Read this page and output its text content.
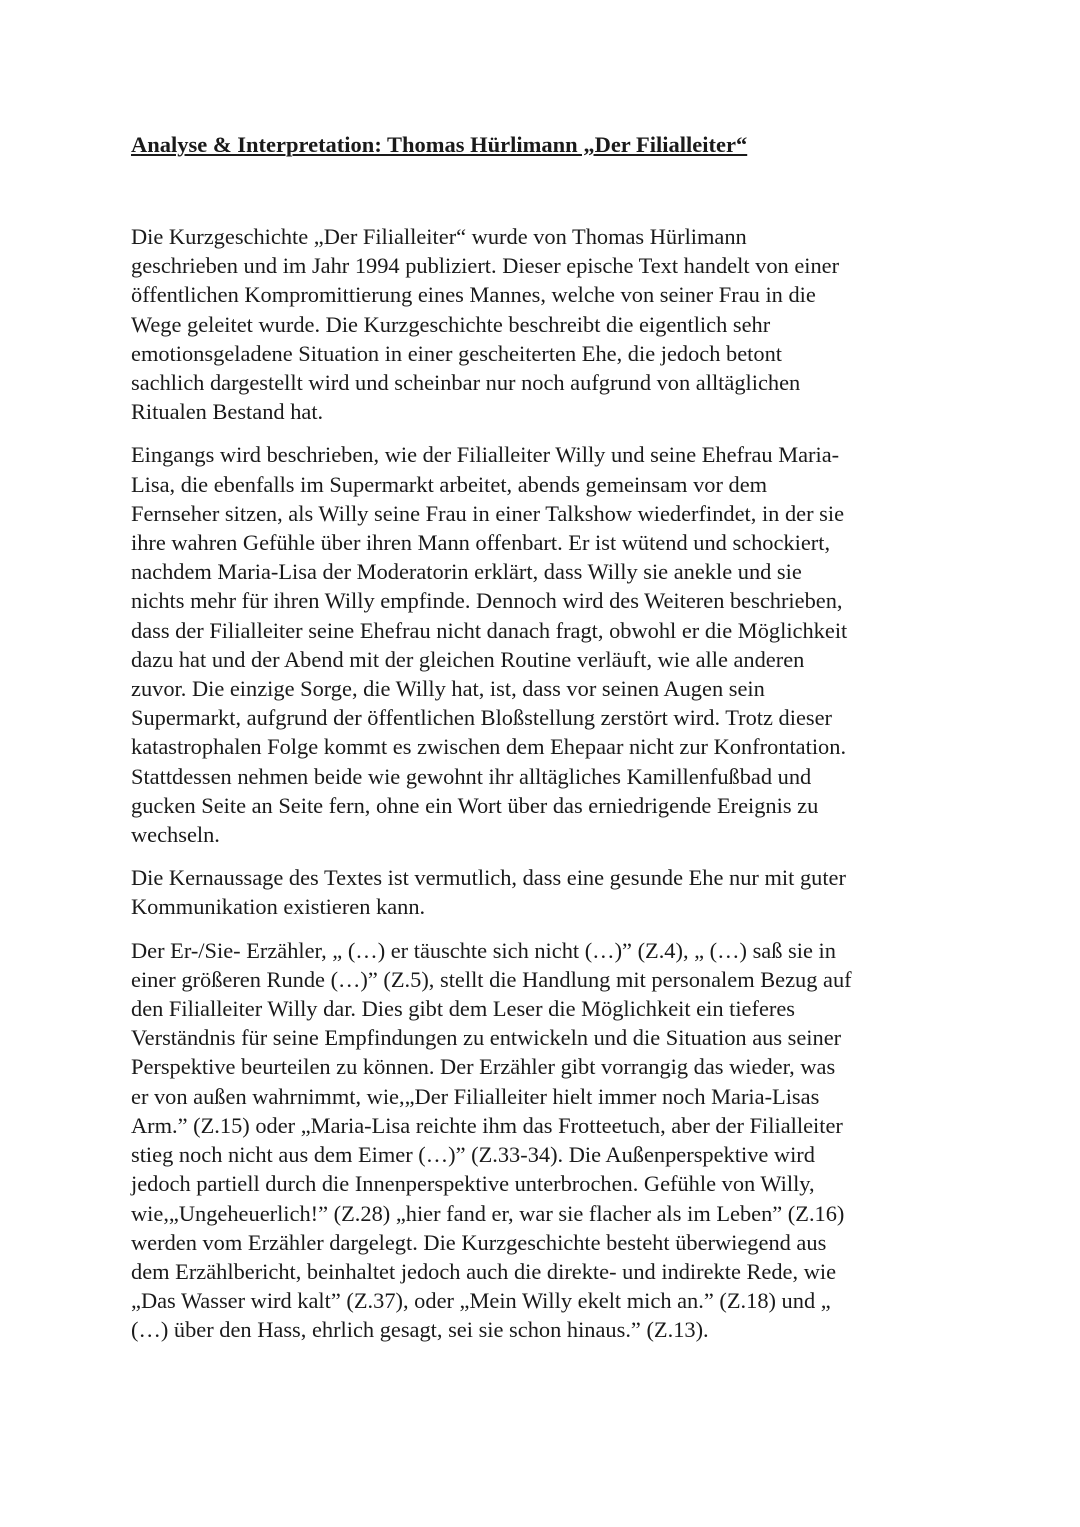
Analyse & Interpretation: Thomas Hürlimann „Der Filialleiter“

Die Kurzgeschichte „Der Filialleiter“ wurde von Thomas Hürlimann
geschrieben und im Jahr 1994 publiziert. Dieser epische Text handelt von einer
öffentlichen Kompromittierung eines Mannes, welche von seiner Frau in die
Wege geleitet wurde. Die Kurzgeschichte beschreibt die eigentlich sehr
emotionsgeladene Situation in einer gescheiterten Ehe, die jedoch betont
sachlich dargestellt wird und scheinbar nur noch aufgrund von alltäglichen
Ritualen Bestand hat.

Eingangs wird beschrieben, wie der Filialleiter Willy und seine Ehefrau Maria-
Lisa, die ebenfalls im Supermarkt arbeitet, abends gemeinsam vor dem
Fernseher sitzen, als Willy seine Frau in einer Talkshow wiederfindet, in der sie
ihre wahren Gefühle über ihren Mann offenbart. Er ist wütend und schockiert,
nachdem Maria-Lisa der Moderatorin erklärt, dass Willy sie anekle und sie
nichts mehr für ihren Willy empfinde. Dennoch wird des Weiteren beschrieben,
dass der Filialleiter seine Ehefrau nicht danach fragt, obwohl er die Möglichkeit
dazu hat und der Abend mit der gleichen Routine verläuft, wie alle anderen
zuvor. Die einzige Sorge, die Willy hat, ist, dass vor seinen Augen sein
Supermarkt, aufgrund der öffentlichen Bloßstellung zerstört wird. Trotz dieser
katastrophalen Folge kommt es zwischen dem Ehepaar nicht zur Konfrontation.
Stattdessen nehmen beide wie gewohnt ihr alltägliches Kamillenfußbad und
gucken Seite an Seite fern, ohne ein Wort über das erniedrigende Ereignis zu
wechseln.

Die Kernaussage des Textes ist vermutlich, dass eine gesunde Ehe nur mit guter
Kommunikation existieren kann.

Der Er-/Sie- Erzähler, „ (…) er täuschte sich nicht (…)” (Z.4), „ (…) saß sie in
einer größeren Runde (…)” (Z.5), stellt die Handlung mit personalem Bezug auf
den Filialleiter Willy dar. Dies gibt dem Leser die Möglichkeit ein tieferes
Verständnis für seine Empfindungen zu entwickeln und die Situation aus seiner
Perspektive beurteilen zu können. Der Erzähler gibt vorrangig das wieder, was
er von außen wahrnimmt, wie,„Der Filialleiter hielt immer noch Maria-Lisas
Arm.” (Z.15) oder „Maria-Lisa reichte ihm das Frotteetuch, aber der Filialleiter
stieg noch nicht aus dem Eimer (…)” (Z.33-34). Die Außenperspektive wird
jedoch partiell durch die Innenperspektive unterbrochen. Gefühle von Willy,
wie,„Ungeheuerlich!” (Z.28) „hier fand er, war sie flacher als im Leben” (Z.16)
werden vom Erzähler dargelegt. Die Kurzgeschichte besteht überwiegend aus
dem Erzählbericht, beinhaltet jedoch auch die direkte- und indirekte Rede, wie
„Das Wasser wird kalt” (Z.37), oder „Mein Willy ekelt mich an.” (Z.18) und „
(…) über den Hass, ehrlich gesagt, sei sie schon hinaus.” (Z.13).
